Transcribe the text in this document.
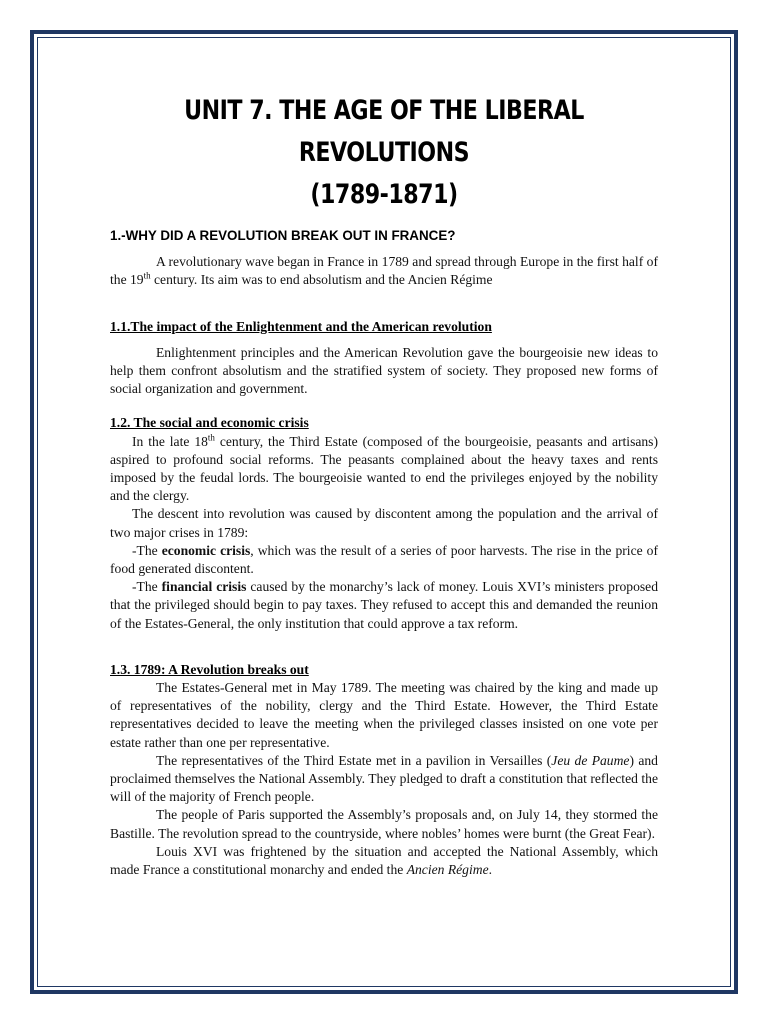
UNIT 7. THE AGE OF THE LIBERAL REVOLUTIONS
(1789-1871)
1.-WHY DID A REVOLUTION BREAK OUT IN FRANCE?

A revolutionary wave began in France in 1789 and spread through Europe in the first half of the 19th century. Its aim was to end absolutism and the Ancien Régime

1.1.The impact of the Enlightenment and the American revolution

Enlightenment principles and the American Revolution gave the bourgeoisie new ideas to help them confront absolutism and the stratified system of society. They proposed new forms of social organization and government.

1.2. The social and economic crisis

In the late 18th century, the Third Estate (composed of the bourgeoisie, peasants and artisans) aspired to profound social reforms. The peasants complained about the heavy taxes and rents imposed by the feudal lords. The bourgeoisie wanted to end the privileges enjoyed by the nobility and the clergy.

The descent into revolution was caused by discontent among the population and the arrival of two major crises in 1789:

-The economic crisis, which was the result of a series of poor harvests. The rise in the price of food generated discontent.

-The financial crisis caused by the monarchy’s lack of money. Louis XVI’s ministers proposed that the privileged should begin to pay taxes. They refused to accept this and demanded the reunion of the Estates-General, the only institution that could approve a tax reform.

1.3. 1789: A Revolution breaks out

The Estates-General met in May 1789. The meeting was chaired by the king and made up of representatives of the nobility, clergy and the Third Estate. However, the Third Estate representatives decided to leave the meeting when the privileged classes insisted on one vote per estate rather than one per representative.

The representatives of the Third Estate met in a pavilion in Versailles (Jeu de Paume) and proclaimed themselves the National Assembly. They pledged to draft a constitution that reflected the will of the majority of French people.

The people of Paris supported the Assembly’s proposals and, on July 14, they stormed the Bastille. The revolution spread to the countryside, where nobles’ homes were burnt (the Great Fear).

Louis XVI was frightened by the situation and accepted the National Assembly, which made France a constitutional monarchy and ended the Ancien Régime.
